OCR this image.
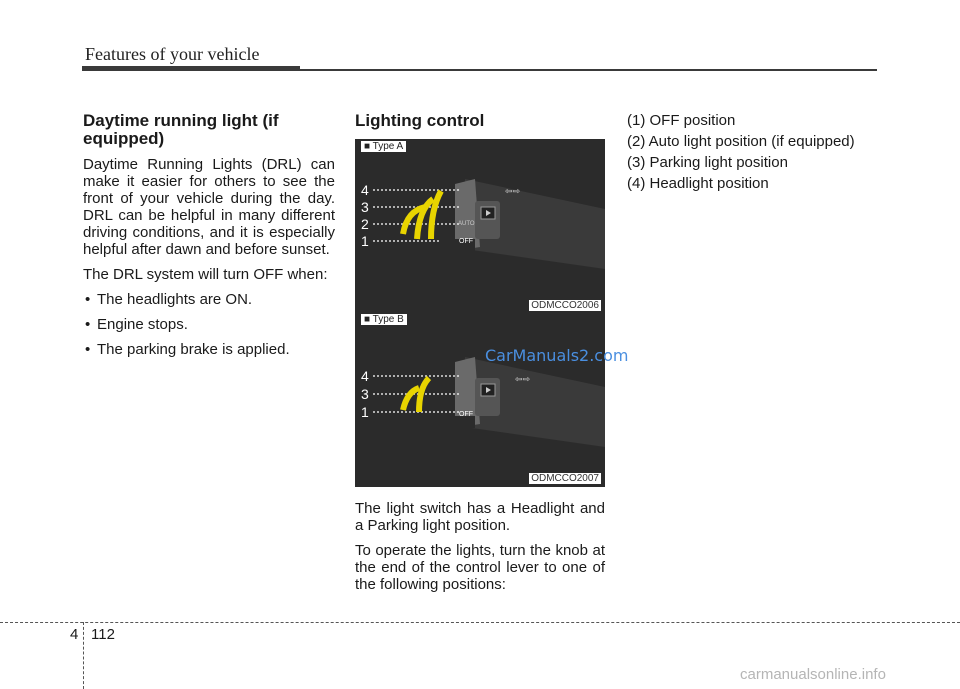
Features of your vehicle
Daytime running light (if equipped)

Daytime Running Lights (DRL) can make it easier for others to see the front of your vehicle during the day. DRL can be helpful in many different driving conditions, and it is especially helpful after dawn and before sunset.

The DRL system will turn OFF when:

• The headlights are ON.
• Engine stops.
• The parking brake is applied.
Lighting control
⇦⇨
■ Type A
4
3
2
1	OFF
AUTO
ODMCCO2006
⇦⇨
■ Type B
4
3
1	OFF
ODMCCO2007
CarManuals2.com

The light switch has a Headlight and a Parking light position.

To operate the lights, turn the knob at the end of the control lever to one of the following positions:

(1) OFF position
(2) Auto light position (if equipped)
(3) Parking light position
(4) Headlight position
4 112
carmanualsonline.info
